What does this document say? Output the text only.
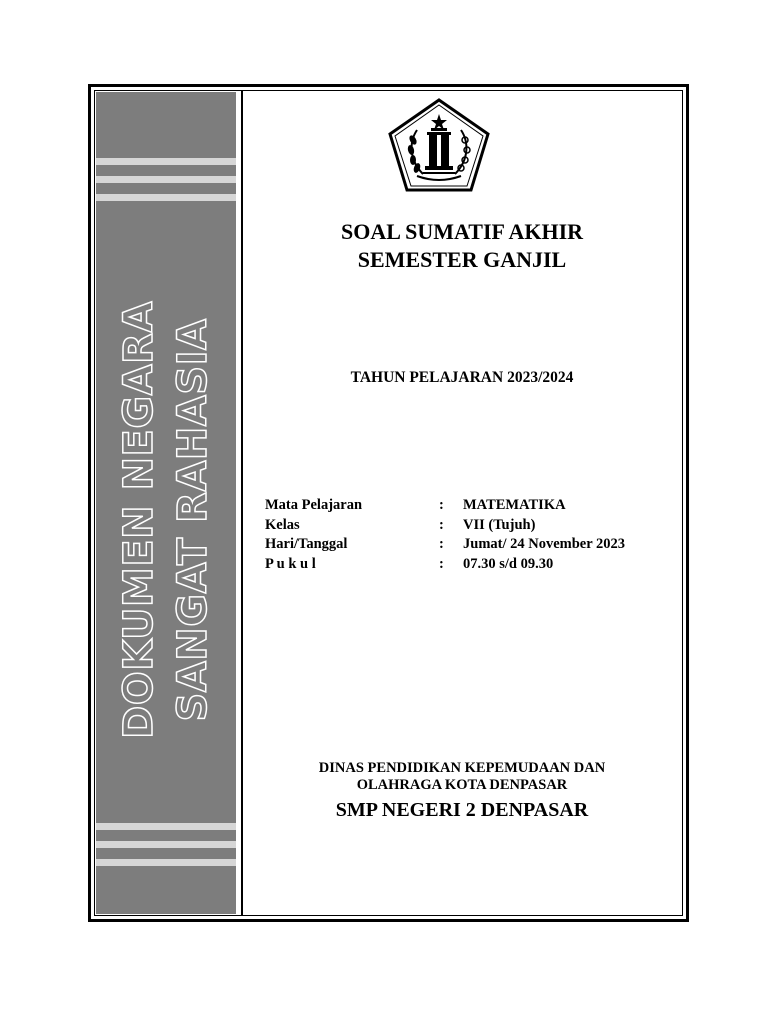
DOKUMEN NEGARA SANGAT RAHASIA
SOAL SUMATIF AKHIR
SEMESTER GANJIL
TAHUN PELAJARAN 2023/2024
Mata Pelajaran	:	MATEMATIKA
Kelas	:	VII (Tujuh)
Hari/Tanggal	:	Jumat/ 24 November 2023
P u k u l	:	07.30 s/d 09.30
DINAS PENDIDIKAN KEPEMUDAAN DAN
OLAHRAGA KOTA DENPASAR
SMP NEGERI 2 DENPASAR
